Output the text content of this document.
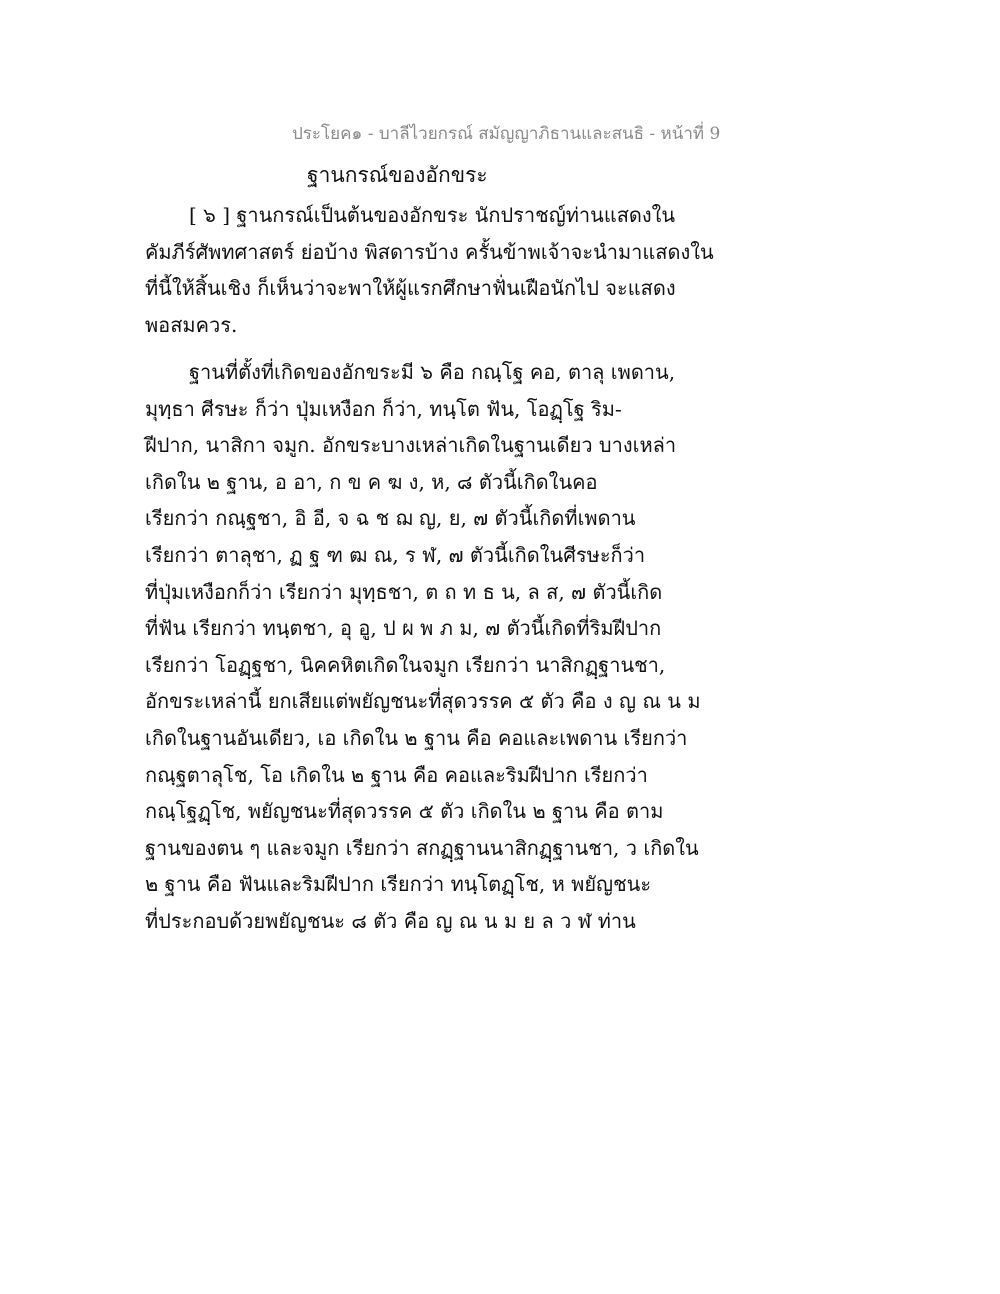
ประโยค๑ - บาลีไวยกรณ์ สมัญญาภิธานและสนธิ - หน้าที่ 9
ฐานกรณ์ของอักขระ
[ ๖ ] ฐานกรณ์เป็นต้นของอักขระ นักปราชญ์ท่านแสดงใน
คัมภีร์ศัพทศาสตร์ ย่อบ้าง พิสดารบ้าง ครั้นข้าพเจ้าจะนำมาแสดงใน
ที่นี้ให้สิ้นเชิง ก็เห็นว่าจะพาให้ผู้แรกศึกษาฟั่นเฝือนักไป จะแสดง
พอสมควร.
ฐานที่ตั้งที่เกิดของอักขระมี ๖ คือ กณฺโฐ คอ, ตาลุ เพดาน,
มุทฺธา ศีรษะ ก็ว่า ปุ่มเหงือก ก็ว่า, ทนฺโต ฟัน, โอฏฺโฐ ริม-
ฝีปาก, นาสิกา จมูก. อักขระบางเหล่าเกิดในฐานเดียว บางเหล่า
เกิดใน ๒ ฐาน, อ อา, ก ข ค ฆ ง, ห, ๘ ตัวนี้เกิดในคอ
เรียกว่า กณฺฐชา, อิ อี, จ ฉ ช ฌ ญ, ย, ๗ ตัวนี้เกิดที่เพดาน
เรียกว่า ตาลุชา, ฏ ฐ ฑ ฒ ณ, ร ฬ, ๗ ตัวนี้เกิดในศีรษะก็ว่า
ที่ปุ่มเหงือกก็ว่า เรียกว่า มุทฺธชา, ต ถ ท ธ น, ล ส, ๗ ตัวนี้เกิด
ที่ฟัน เรียกว่า ทนฺตชา, อุ อู, ป ผ พ ภ ม, ๗ ตัวนี้เกิดที่ริมฝีปาก
เรียกว่า โอฏฺฐชา, นิคคหิตเกิดในจมูก เรียกว่า นาสิกฏฺฐานชา,
อักขระเหล่านี้ ยกเสียแต่พยัญชนะที่สุดวรรค ๕ ตัว คือ ง ญ ณ น ม
เกิดในฐานอันเดียว, เอ เกิดใน ๒ ฐาน คือ คอและเพดาน เรียกว่า
กณฺฐตาลุโช, โอ เกิดใน ๒ ฐาน คือ คอและริมฝีปาก เรียกว่า
กณฺโฐฏฺโช, พยัญชนะที่สุดวรรค ๕ ตัว เกิดใน ๒ ฐาน คือ ตาม
ฐานของตน ๆ และจมูก เรียกว่า สกฏฺฐานนาสิกฏฺฐานชา, ว เกิดใน
๒ ฐาน คือ ฟันและริมฝีปาก เรียกว่า ทนฺโตฏฺโช, ห พยัญชนะ
ที่ประกอบด้วยพยัญชนะ ๘ ตัว คือ ญ ณ น ม ย ล ว ฬ ท่าน
